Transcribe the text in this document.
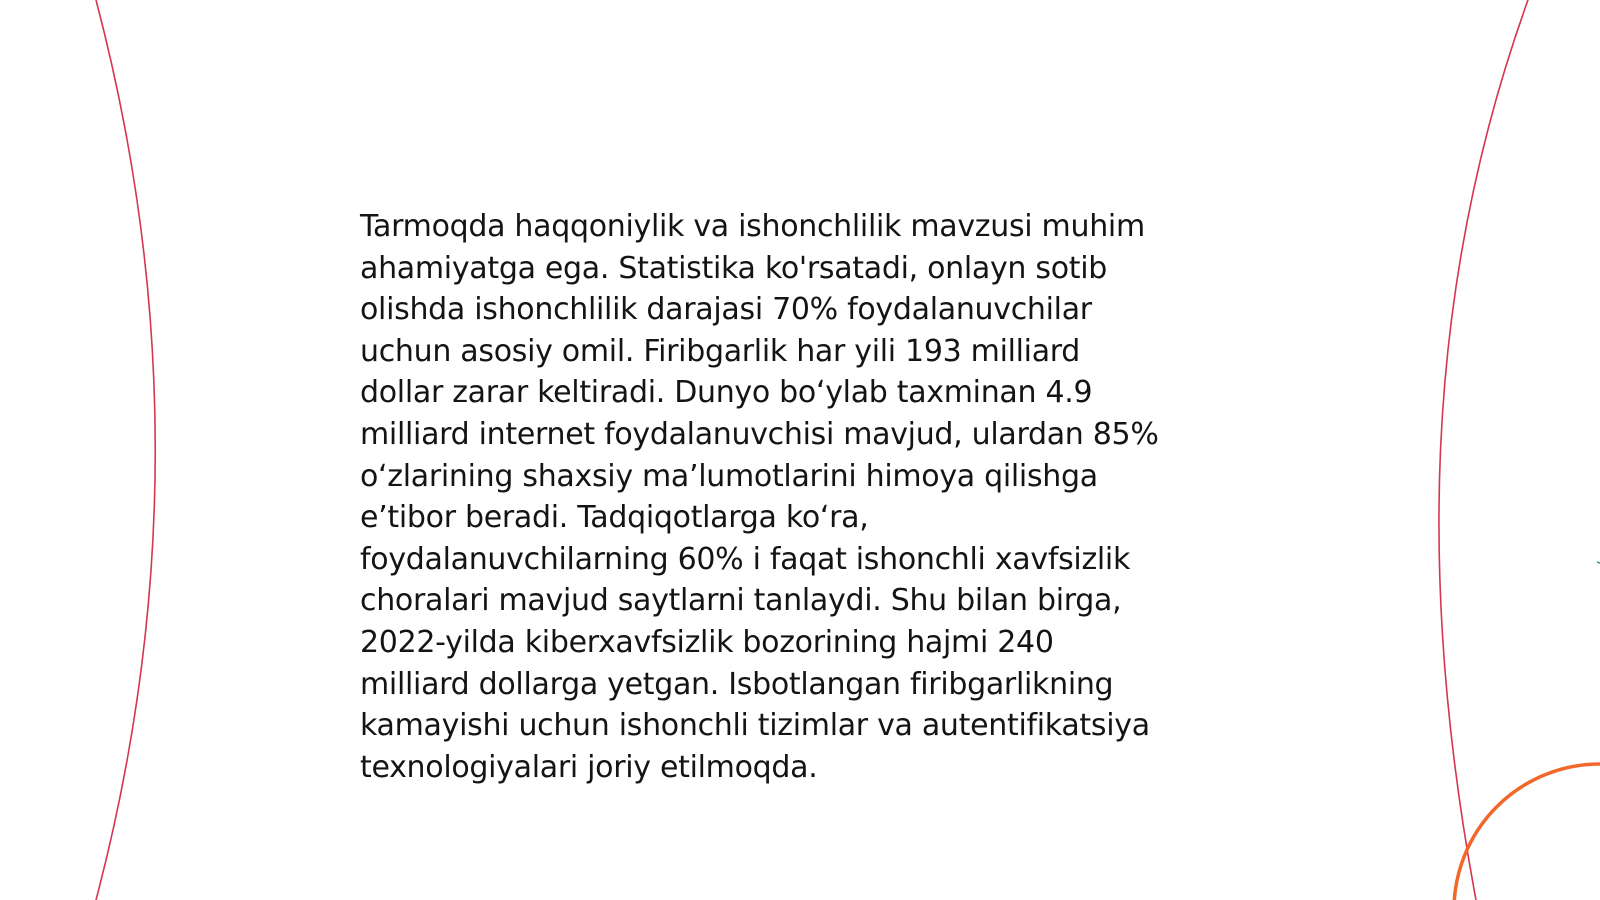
Tarmoqda haqqoniylik va ishonchlilik mavzusi muhim
ahamiyatga ega. Statistika ko'rsatadi, onlayn sotib
olishda ishonchlilik darajasi 70% foydalanuvchilar
uchun asosiy omil. Firibgarlik har yili 193 milliard
dollar zarar keltiradi. Dunyo bo‘ylab taxminan 4.9
milliard internet foydalanuvchisi mavjud, ulardan 85%
o‘zlarining shaxsiy ma’lumotlarini himoya qilishga
e’tibor beradi. Tadqiqotlarga ko‘ra,
foydalanuvchilarning 60% i faqat ishonchli xavfsizlik
choralari mavjud saytlarni tanlaydi. Shu bilan birga,
2022-yilda kiberxavfsizlik bozorining hajmi 240
milliard dollarga yetgan. Isbotlangan firibgarlikning
kamayishi uchun ishonchli tizimlar va autentifikatsiya
texnologiyalari joriy etilmoqda.
